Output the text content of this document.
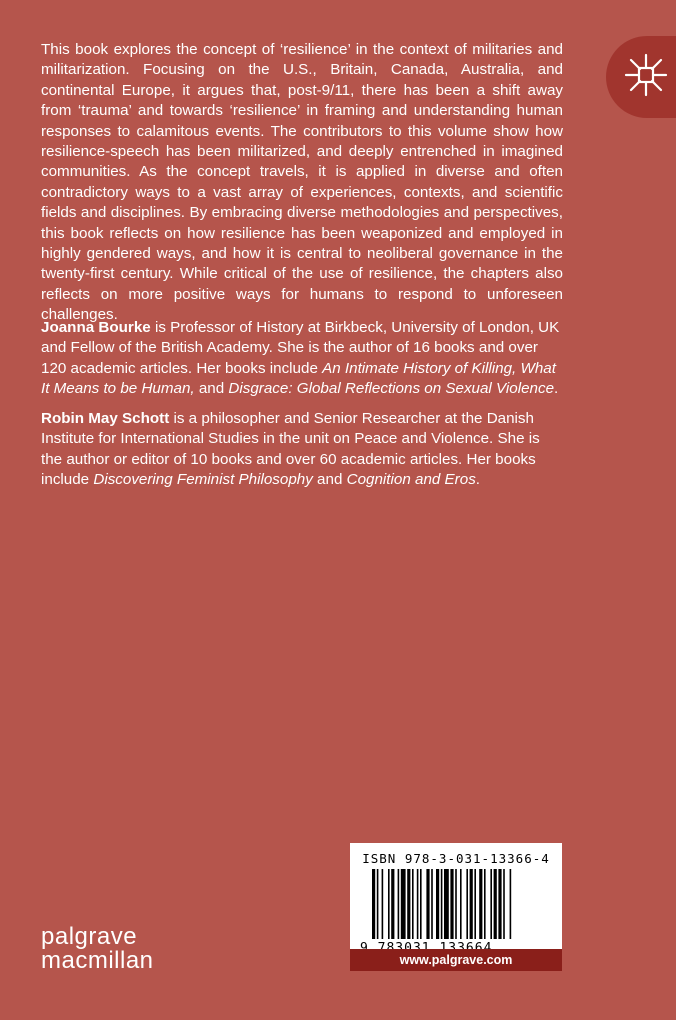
This book explores the concept of ‘resilience’ in the context of militaries and militarization. Focusing on the U.S., Britain, Canada, Australia, and continental Europe, it argues that, post-9/11, there has been a shift away from ‘trauma’ and towards ‘resilience’ in framing and understanding human responses to calamitous events. The contributors to this volume show how resilience-speech has been militarized, and deeply entrenched in imagined communities. As the concept travels, it is applied in diverse and often contradictory ways to a vast array of experiences, contexts, and scientific fields and disciplines. By embracing diverse methodologies and perspectives, this book reflects on how resilience has been weaponized and employed in highly gendered ways, and how it is central to neoliberal governance in the twenty-first century. While critical of the use of resilience, the chapters also reflects on more positive ways for humans to respond to unforeseen challenges.

Joanna Bourke is Professor of History at Birkbeck, University of London, UK and Fellow of the British Academy. She is the author of 16 books and over 120 academic articles. Her books include An Intimate History of Killing, What It Means to be Human, and Disgrace: Global Reflections on Sexual Violence.

Robin May Schott is a philosopher and Senior Researcher at the Danish Institute for International Studies in the unit on Peace and Violence. She is the author or editor of 10 books and over 60 academic articles. Her books include Discovering Feminist Philosophy and Cognition and Eros.

ISBN 978-3-031-13366-4
www.palgrave.com
palgrave
macmillan
